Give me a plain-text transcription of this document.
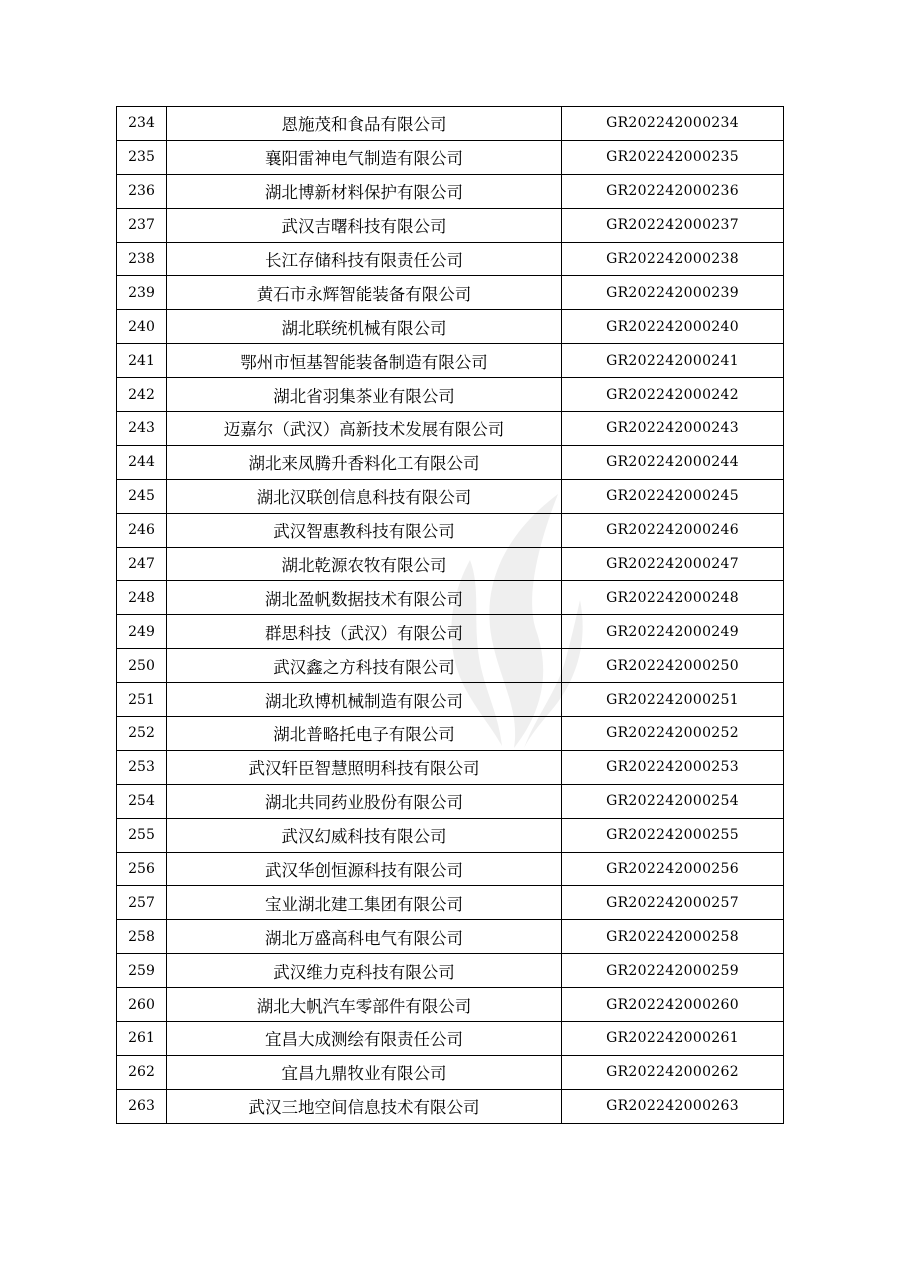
234	恩施茂和食品有限公司	GR202242000234
235	襄阳雷神电气制造有限公司	GR202242000235
236	湖北博新材料保护有限公司	GR202242000236
237	武汉吉曙科技有限公司	GR202242000237
238	长江存储科技有限责任公司	GR202242000238
239	黄石市永辉智能装备有限公司	GR202242000239
240	湖北联统机械有限公司	GR202242000240
241	鄂州市恒基智能装备制造有限公司	GR202242000241
242	湖北省羽集茶业有限公司	GR202242000242
243	迈嘉尔（武汉）高新技术发展有限公司	GR202242000243
244	湖北来凤腾升香料化工有限公司	GR202242000244
245	湖北汉联创信息科技有限公司	GR202242000245
246	武汉智惠教科技有限公司	GR202242000246
247	湖北乾源农牧有限公司	GR202242000247
248	湖北盈帆数据技术有限公司	GR202242000248
249	群思科技（武汉）有限公司	GR202242000249
250	武汉鑫之方科技有限公司	GR202242000250
251	湖北玖博机械制造有限公司	GR202242000251
252	湖北普略托电子有限公司	GR202242000252
253	武汉轩臣智慧照明科技有限公司	GR202242000253
254	湖北共同药业股份有限公司	GR202242000254
255	武汉幻威科技有限公司	GR202242000255
256	武汉华创恒源科技有限公司	GR202242000256
257	宝业湖北建工集团有限公司	GR202242000257
258	湖北万盛高科电气有限公司	GR202242000258
259	武汉维力克科技有限公司	GR202242000259
260	湖北大帆汽车零部件有限公司	GR202242000260
261	宜昌大成测绘有限责任公司	GR202242000261
262	宜昌九鼎牧业有限公司	GR202242000262
263	武汉三地空间信息技术有限公司	GR202242000263
